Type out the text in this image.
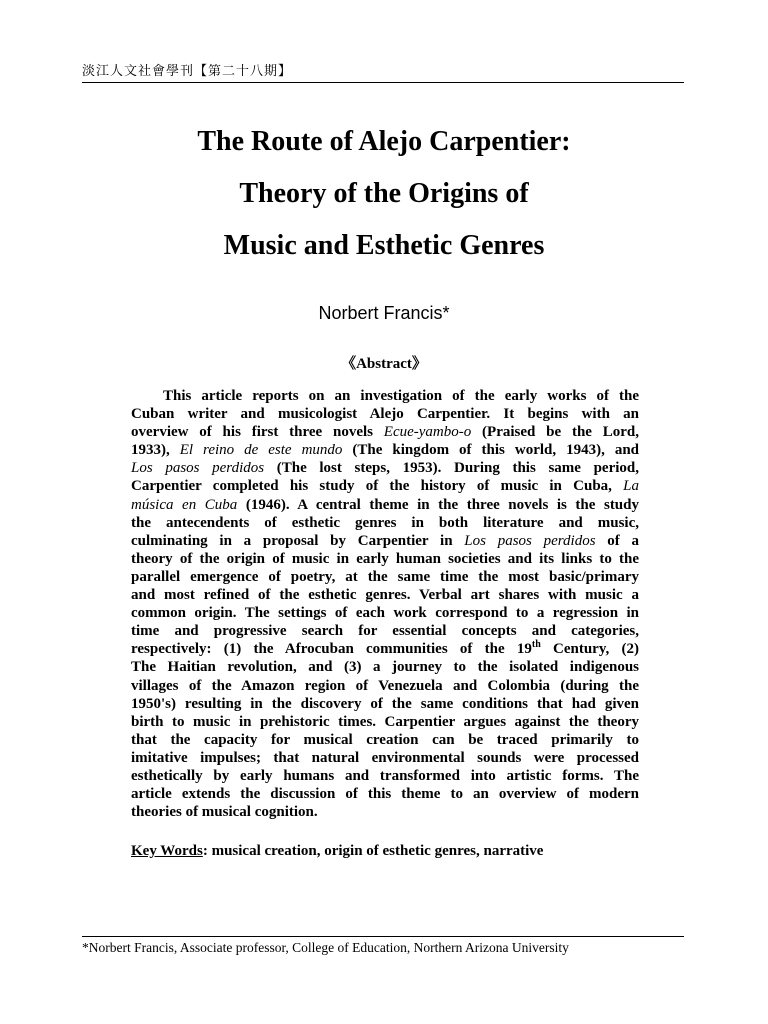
淡江人文社會學刊【第二十八期】
The Route of Alejo Carpentier:
Theory of the Origins of
Music and Esthetic Genres
Norbert Francis*
《Abstract》
This article reports on an investigation of the early works of the
Cuban writer and musicologist Alejo Carpentier. It begins with an
overview of his first three novels Ecue-yambo-o (Praised be the Lord,
1933), El reino de este mundo (The kingdom of this world, 1943), and
Los pasos perdidos (The lost steps, 1953). During this same period,
Carpentier completed his study of the history of music in Cuba, La
música en Cuba (1946). A central theme in the three novels is the study
the antecendents of esthetic genres in both literature and music,
culminating in a proposal by Carpentier in Los pasos perdidos of a
theory of the origin of music in early human societies and its links to the
parallel emergence of poetry, at the same time the most basic/primary
and most refined of the esthetic genres. Verbal art shares with music a
common origin. The settings of each work correspond to a regression in
time and progressive search for essential concepts and categories,
respectively: (1) the Afrocuban communities of the 19th Century, (2)
The Haitian revolution, and (3) a journey to the isolated indigenous
villages of the Amazon region of Venezuela and Colombia (during the
1950's) resulting in the discovery of the same conditions that had given
birth to music in prehistoric times. Carpentier argues against the theory
that the capacity for musical creation can be traced primarily to
imitative impulses; that natural environmental sounds were processed
esthetically by early humans and transformed into artistic forms. The
article extends the discussion of this theme to an overview of modern
theories of musical cognition.
Key Words: musical creation, origin of esthetic genres, narrative
*Norbert Francis, Associate professor, College of Education, Northern Arizona University
